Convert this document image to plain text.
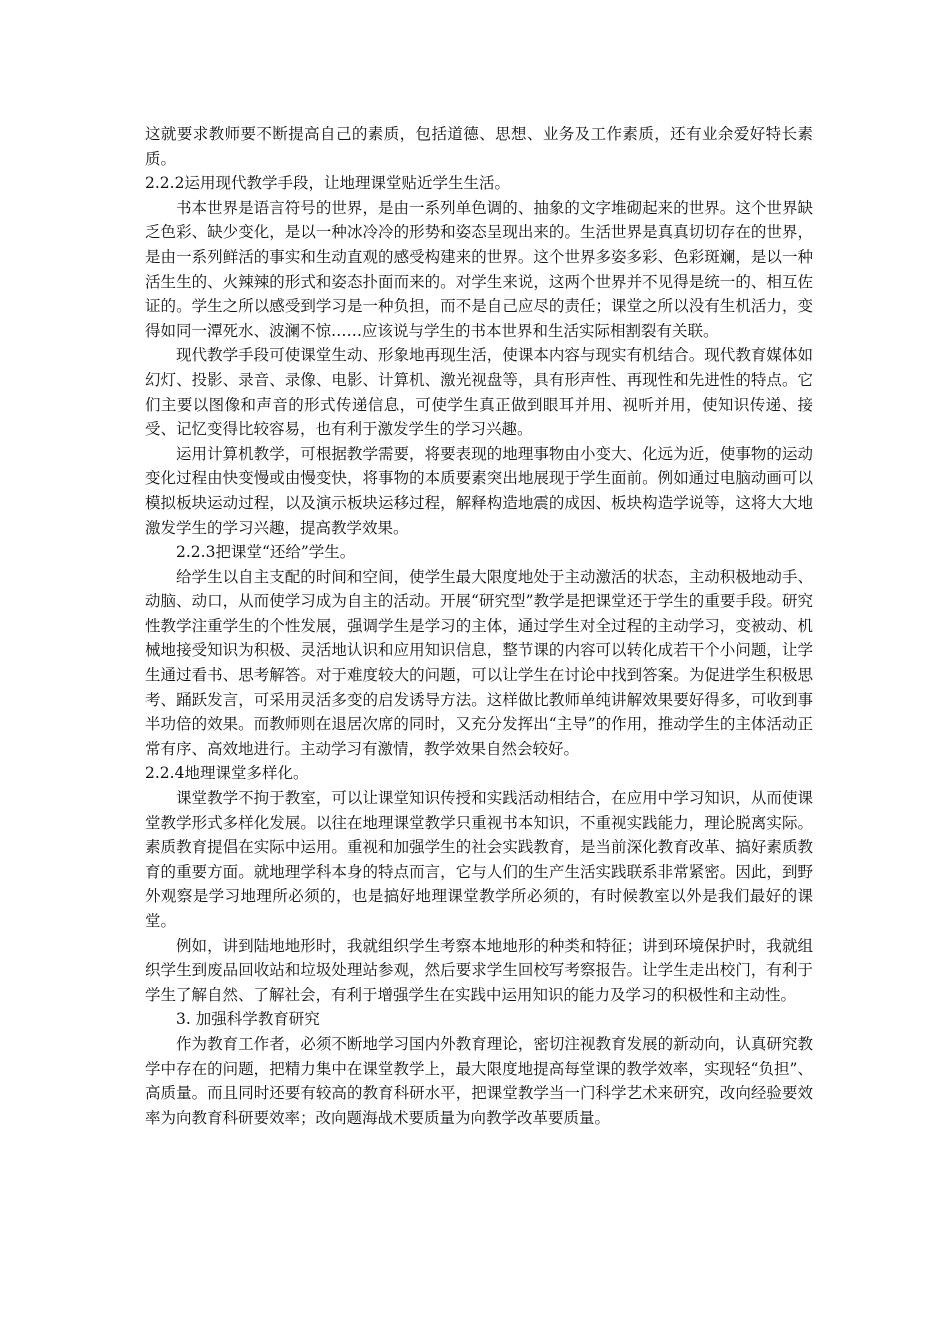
这就要求教师要不断提高自己的素质，包括道德、思想、业务及工作素质，还有业余爱好特长素质。

2.2.2运用现代教学手段，让地理课堂贴近学生生活。

书本世界是语言符号的世界，是由一系列单色调的、抽象的文字堆砌起来的世界。这个世界缺乏色彩、缺少变化，是以一种冰冷冷的形势和姿态呈现出来的。生活世界是真真切切存在的世界，是由一系列鲜活的事实和生动直观的感受构建来的世界。这个世界多姿多彩、色彩斑斓，是以一种活生生的、火辣辣的形式和姿态扑面而来的。对学生来说，这两个世界并不见得是统一的、相互佐证的。学生之所以感受到学习是一种负担，而不是自己应尽的责任；课堂之所以没有生机活力，变得如同一潭死水、波澜不惊……应该说与学生的书本世界和生活实际相割裂有关联。

现代教学手段可使课堂生动、形象地再现生活，使课本内容与现实有机结合。现代教育媒体如幻灯、投影、录音、录像、电影、计算机、激光视盘等，具有形声性、再现性和先进性的特点。它们主要以图像和声音的形式传递信息，可使学生真正做到眼耳并用、视听并用，使知识传递、接受、记忆变得比较容易，也有利于激发学生的学习兴趣。

运用计算机教学，可根据教学需要，将要表现的地理事物由小变大、化远为近，使事物的运动变化过程由快变慢或由慢变快，将事物的本质要素突出地展现于学生面前。例如通过电脑动画可以模拟板块运动过程，以及演示板块运移过程，解释构造地震的成因、板块构造学说等，这将大大地激发学生的学习兴趣，提高教学效果。

2.2.3把课堂“还给”学生。

给学生以自主支配的时间和空间，使学生最大限度地处于主动激活的状态，主动积极地动手、动脑、动口，从而使学习成为自主的活动。开展“研究型”教学是把课堂还于学生的重要手段。研究性教学注重学生的个性发展，强调学生是学习的主体，通过学生对全过程的主动学习，变被动、机械地接受知识为积极、灵活地认识和应用知识信息，整节课的内容可以转化成若干个小问题，让学生通过看书、思考解答。对于难度较大的问题，可以让学生在讨论中找到答案。为促进学生积极思考、踊跃发言，可采用灵活多变的启发诱导方法。这样做比教师单纯讲解效果要好得多，可收到事半功倍的效果。而教师则在退居次席的同时，又充分发挥出“主导”的作用，推动学生的主体活动正常有序、高效地进行。主动学习有激情，教学效果自然会较好。

2.2.4地理课堂多样化。

课堂教学不拘于教室，可以让课堂知识传授和实践活动相结合，在应用中学习知识，从而使课堂教学形式多样化发展。以往在地理课堂教学只重视书本知识，不重视实践能力，理论脱离实际。素质教育提倡在实际中运用。重视和加强学生的社会实践教育，是当前深化教育改革、搞好素质教育的重要方面。就地理学科本身的特点而言，它与人们的生产生活实践联系非常紧密。因此，到野外观察是学习地理所必须的，也是搞好地理课堂教学所必须的，有时候教室以外是我们最好的课堂。

例如，讲到陆地地形时，我就组织学生考察本地地形的种类和特征；讲到环境保护时，我就组织学生到废品回收站和垃圾处理站参观，然后要求学生回校写考察报告。让学生走出校门，有利于学生了解自然、了解社会，有利于增强学生在实践中运用知识的能力及学习的积极性和主动性。

3. 加强科学教育研究

作为教育工作者，必须不断地学习国内外教育理论，密切注视教育发展的新动向，认真研究教学中存在的问题，把精力集中在课堂教学上，最大限度地提高每堂课的教学效率，实现轻“负担”、高质量。而且同时还要有较高的教育科研水平，把课堂教学当一门科学艺术来研究，改向经验要效率为向教育科研要效率；改向题海战术要质量为向教学改革要质量。
